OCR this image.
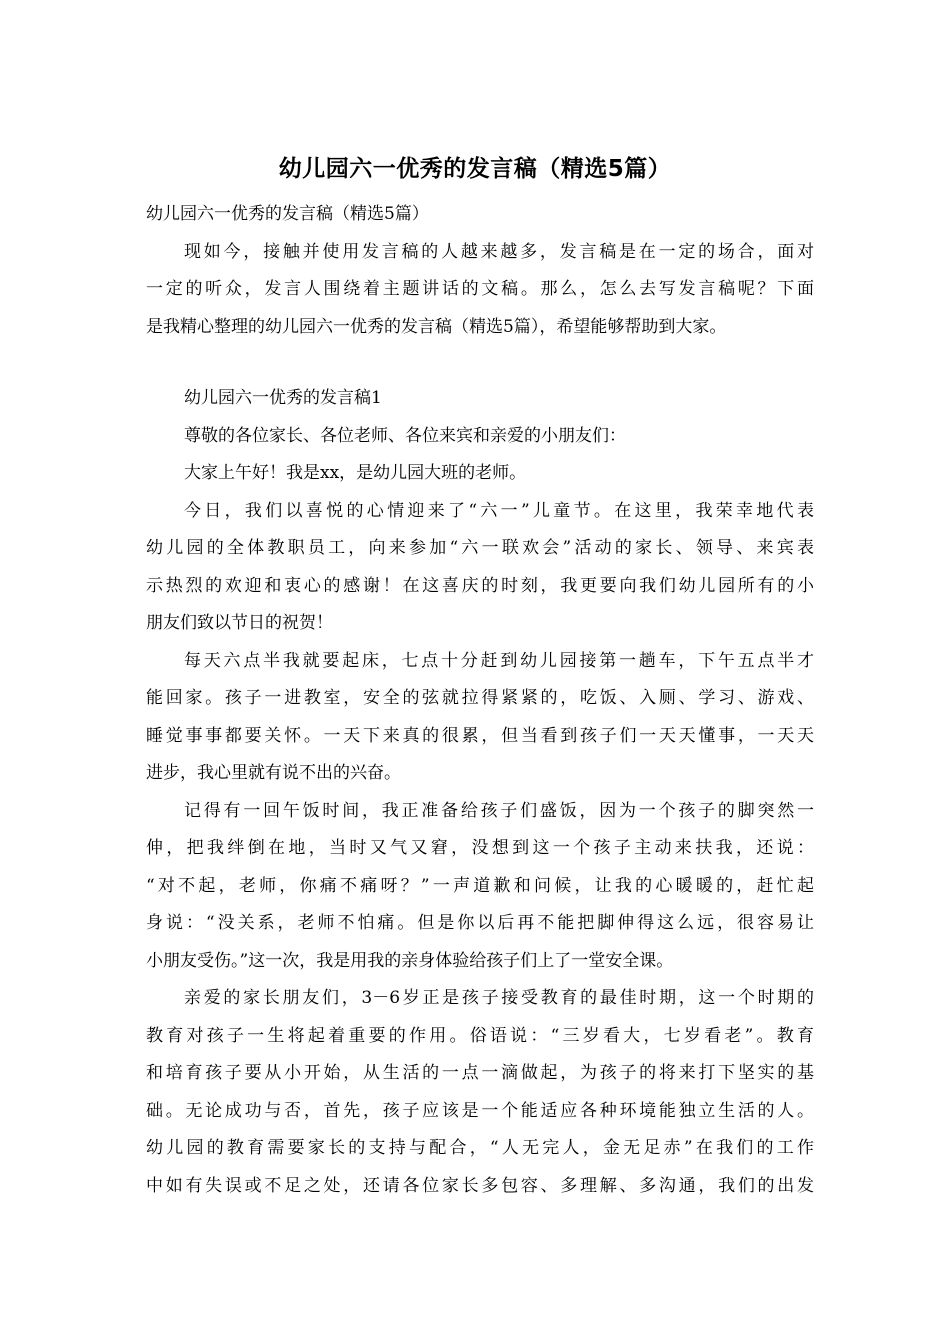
幼儿园六一优秀的发言稿（精选5篇）
幼儿园六一优秀的发言稿（精选5篇）
现如今，接触并使用发言稿的人越来越多，发言稿是在一定的场合，面对
一定的听众，发言人围绕着主题讲话的文稿。那么，怎么去写发言稿呢？下面
是我精心整理的幼儿园六一优秀的发言稿（精选5篇），希望能够帮助到大家。
幼儿园六一优秀的发言稿1
尊敬的各位家长、各位老师、各位来宾和亲爱的小朋友们：
大家上午好！我是xx，是幼儿园大班的老师。
今日，我们以喜悦的心情迎来了“六一”儿童节。在这里，我荣幸地代表
幼儿园的全体教职员工，向来参加“六一联欢会”活动的家长、领导、来宾表
示热烈的欢迎和衷心的感谢！在这喜庆的时刻，我更要向我们幼儿园所有的小
朋友们致以节日的祝贺！
每天六点半我就要起床，七点十分赶到幼儿园接第一趟车，下午五点半才
能回家。孩子一进教室，安全的弦就拉得紧紧的，吃饭、入厕、学习、游戏、
睡觉事事都要关怀。一天下来真的很累，但当看到孩子们一天天懂事，一天天
进步，我心里就有说不出的兴奋。
记得有一回午饭时间，我正准备给孩子们盛饭，因为一个孩子的脚突然一
伸，把我绊倒在地，当时又气又窘，没想到这一个孩子主动来扶我，还说：
“对不起，老师，你痛不痛呀？”一声道歉和问候，让我的心暖暖的，赶忙起
身说：“没关系，老师不怕痛。但是你以后再不能把脚伸得这么远，很容易让
小朋友受伤。”这一次，我是用我的亲身体验给孩子们上了一堂安全课。
亲爱的家长朋友们，3－6岁正是孩子接受教育的最佳时期，这一个时期的
教育对孩子一生将起着重要的作用。俗语说：“三岁看大，七岁看老”。教育
和培育孩子要从小开始，从生活的一点一滴做起，为孩子的将来打下坚实的基
础。无论成功与否，首先，孩子应该是一个能适应各种环境能独立生活的人。
幼儿园的教育需要家长的支持与配合，“人无完人，金无足赤”在我们的工作
中如有失误或不足之处，还请各位家长多包容、多理解、多沟通，我们的出发
